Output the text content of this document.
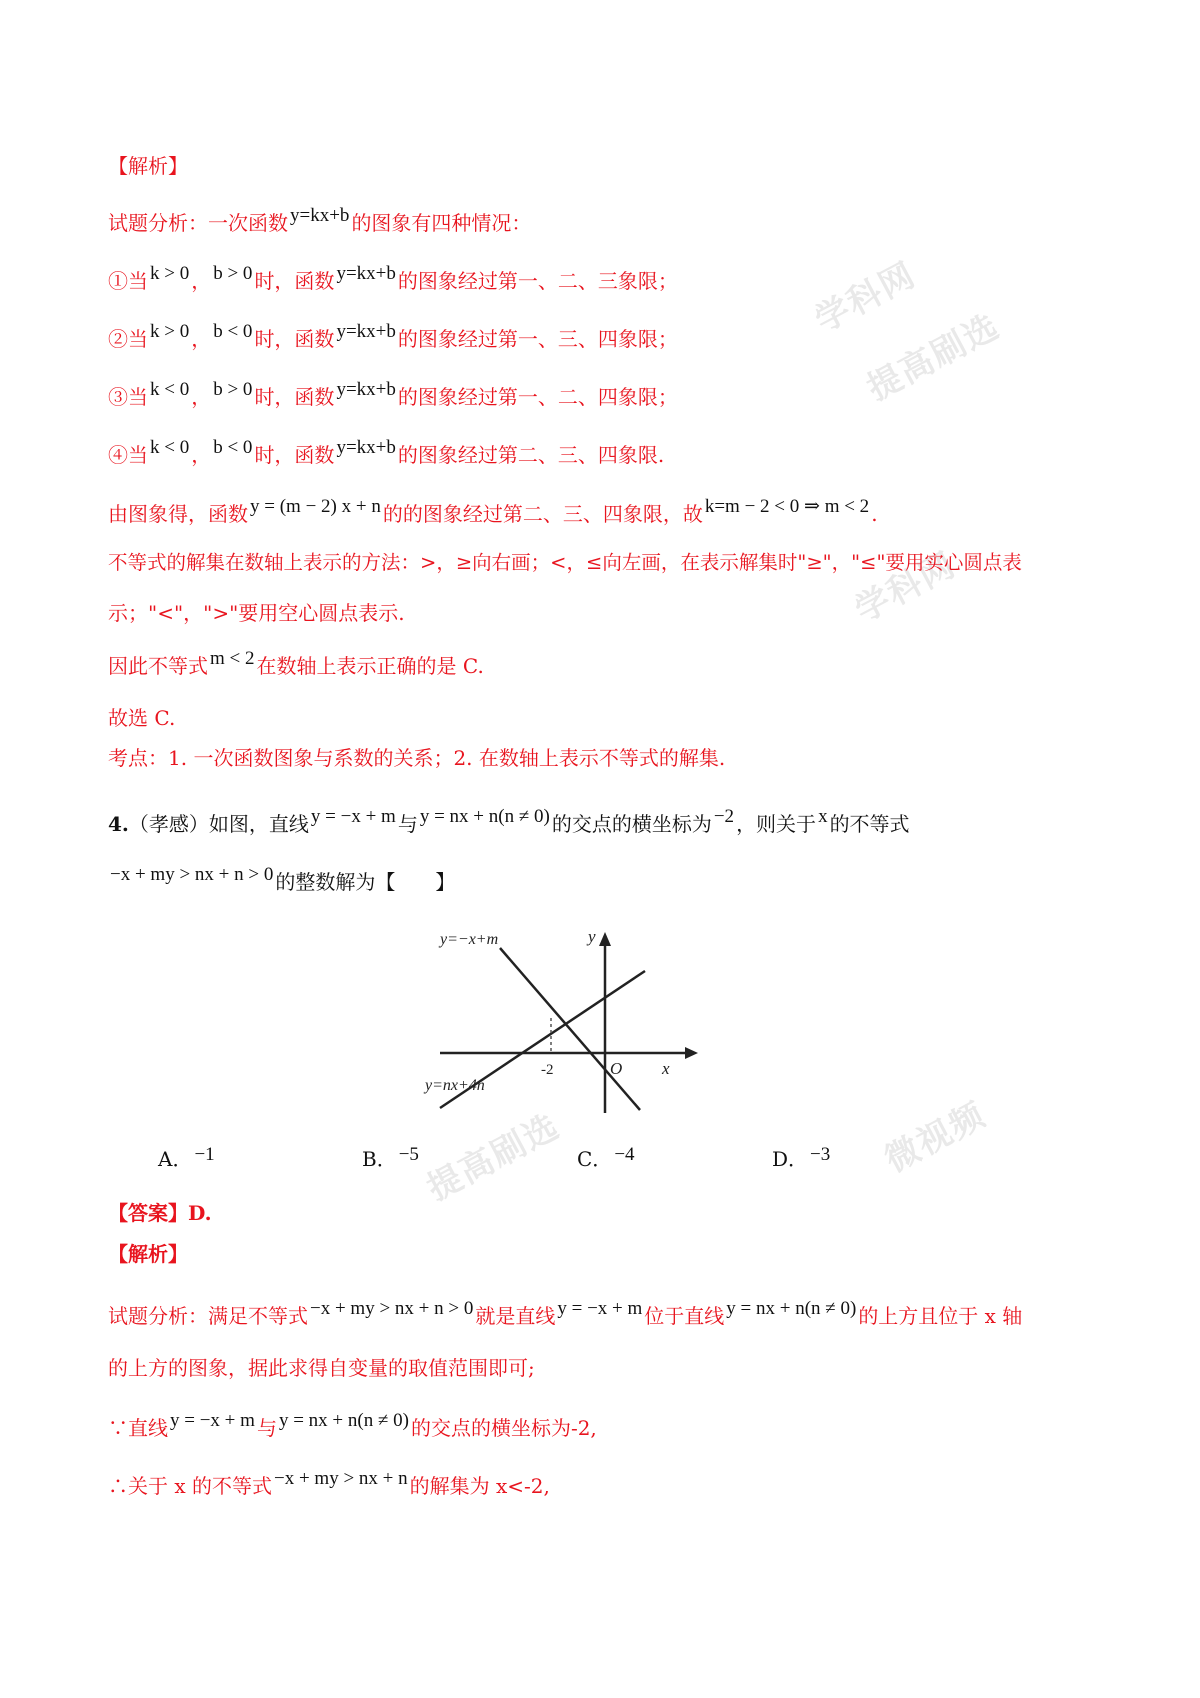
学科网
提高刷选
学科网
微视频
提高刷选
【解析】
试题分析：一次函数 y=kx+b 的图象有四种情况：
①当 k > 0 ， b > 0 时，函数 y=kx+b 的图象经过第一、二、三象限；
②当 k > 0 ， b < 0 时，函数 y=kx+b 的图象经过第一、三、四象限；
③当 k < 0 ， b > 0 时，函数 y=kx+b 的图象经过第一、二、四象限；
④当 k < 0 ， b < 0 时，函数 y=kx+b 的图象经过第二、三、四象限.
由图象得，函数 y = (m − 2) x + n 的的图象经过第二、三、四象限，故 k=m − 2 < 0 ⇒ m < 2 .
不等式的解集在数轴上表示的方法：>，≥向右画；<，≤向左画，在表示解集时"≥"，"≤"要用实心圆点表
示；"<"，">"要用空心圆点表示.
因此不等式 m < 2 在数轴上表示正确的是 C.
故选 C.
考点：1. 一次函数图象与系数的关系；2. 在数轴上表示不等式的解集.
4.（孝感）如图，直线 y = −x + m 与 y = nx + n(n ≠ 0) 的交点的横坐标为 −2 ，则关于 x 的不等式
−x + my > nx + n > 0 的整数解为【　　】
y=−x+m
y=nx+4n
y
x
O
-2
A． −1	B． −5	C． −4	D． −3
【答案】D.
【解析】
试题分析：满足不等式 −x + my > nx + n > 0 就是直线 y = −x + m 位于直线 y = nx + n(n ≠ 0) 的上方且位于 x 轴
的上方的图象，据此求得自变量的取值范围即可;
∵直线 y = −x + m 与 y = nx + n(n ≠ 0) 的交点的横坐标为-2,
∴关于 x 的不等式 −x + my > nx + n 的解集为 x<-2,
